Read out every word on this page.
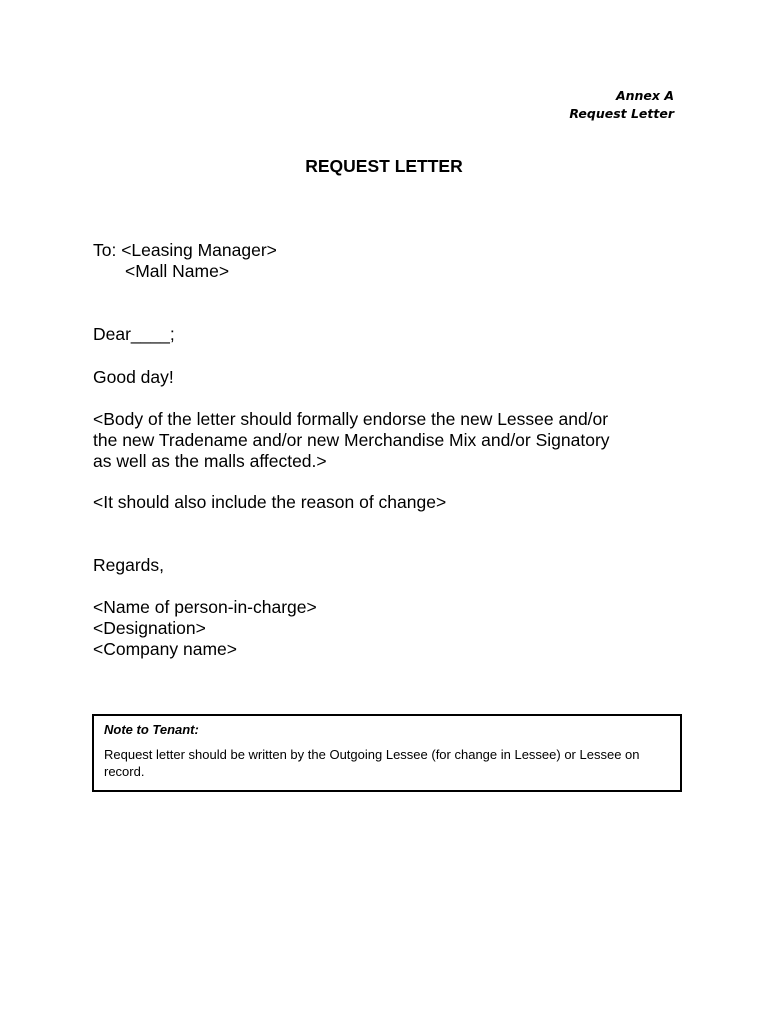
Annex A
Request Letter
REQUEST LETTER
To: <Leasing Manager>
<Mall Name>
Dear____;
Good day!
<Body of the letter should formally endorse the new Lessee and/or
the new Tradename and/or new Merchandise Mix and/or Signatory
as well as the malls affected.>
<It should also include the reason of change>
Regards,
<Name of person-in-charge>
<Designation>
<Company name>
Note to Tenant:
Request letter should be written by the Outgoing Lessee (for change in Lessee) or Lessee on record.
